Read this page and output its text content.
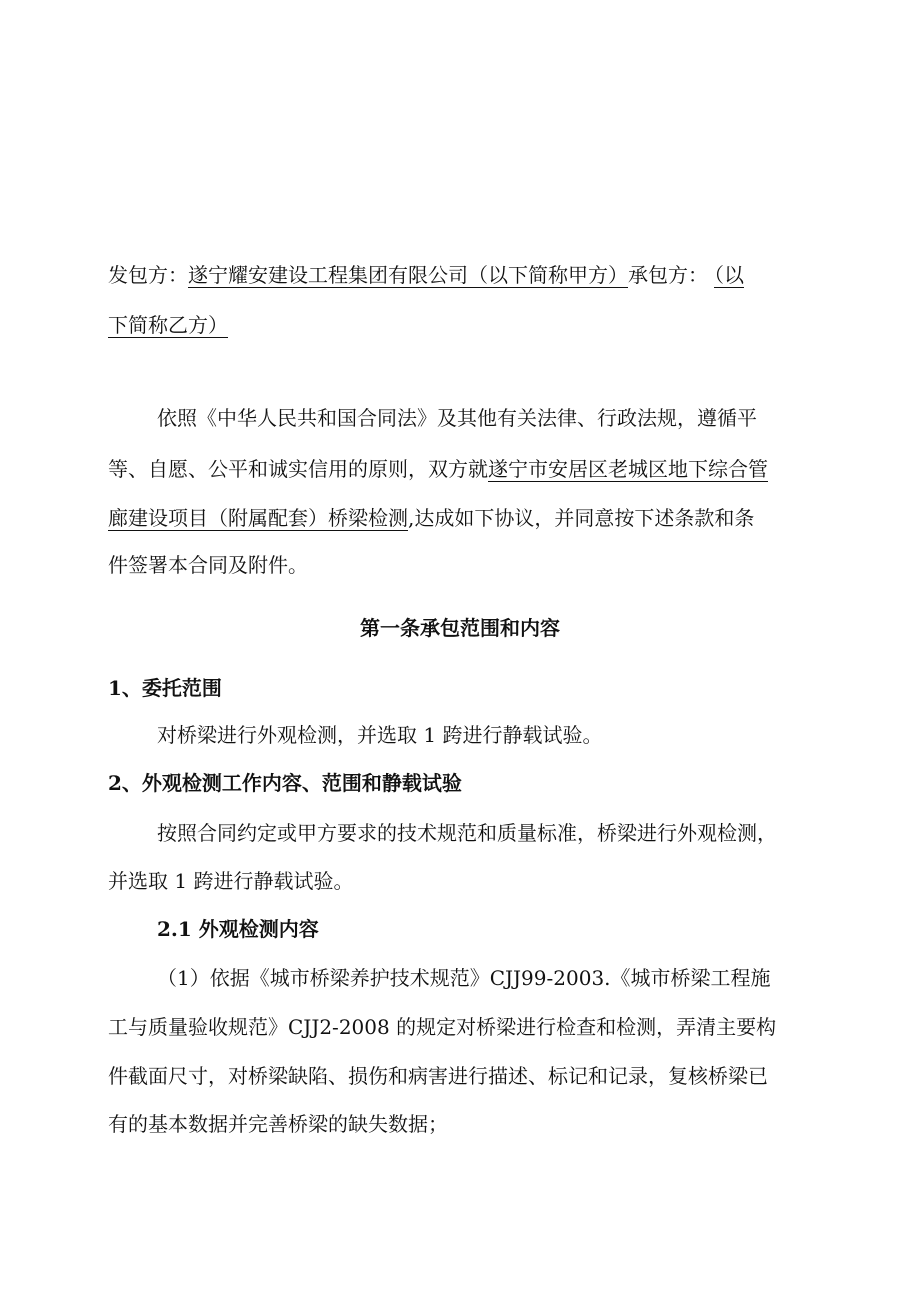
发包方：遂宁耀安建设工程集团有限公司（以下简称甲方）承包方： （以
下简称乙方）
依照《中华人民共和国合同法》及其他有关法律、行政法规，遵循平
等、自愿、公平和诚实信用的原则，双方就遂宁市安居区老城区地下综合管
廊建设项目（附属配套）桥梁检测,达成如下协议，并同意按下述条款和条
件签署本合同及附件。
第一条承包范围和内容
1、委托范围
对桥梁进行外观检测，并选取 1 跨进行静载试验。
2、外观检测工作内容、范围和静载试验
按照合同约定或甲方要求的技术规范和质量标准，桥梁进行外观检测，
并选取 1 跨进行静载试验。
2.1 外观检测内容
（1）依据《城市桥梁养护技术规范》CJJ99-2003.《城市桥梁工程施
工与质量验收规范》CJJ2-2008 的规定对桥梁进行检查和检测，弄清主要构
件截面尺寸，对桥梁缺陷、损伤和病害进行描述、标记和记录，复核桥梁已
有的基本数据并完善桥梁的缺失数据；
